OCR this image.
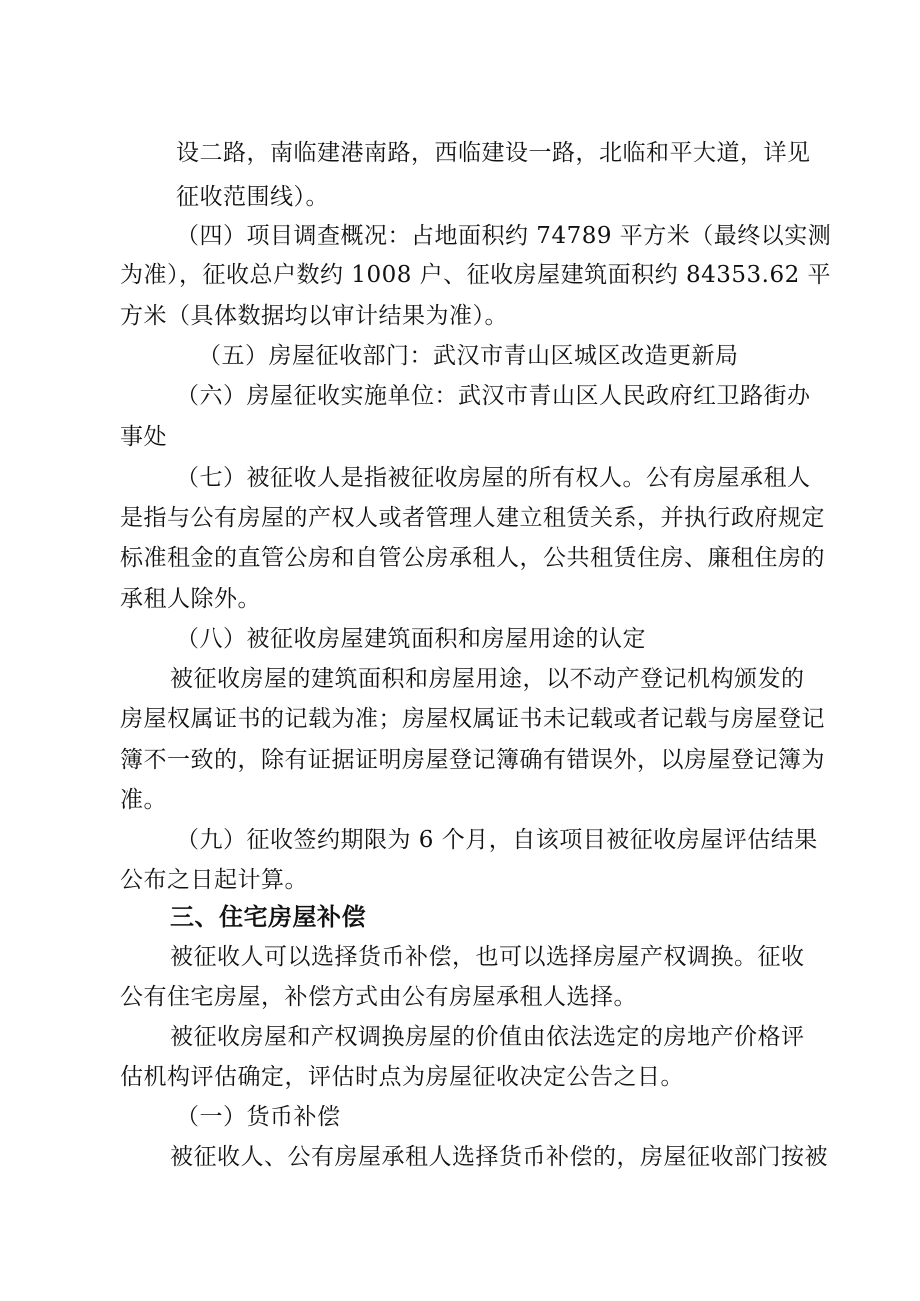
设二路，南临建港南路，西临建设一路，北临和平大道，详见
征收范围线）。
（四）项目调查概况：占地面积约 74789 平方米（最终以实测
为准），征收总户数约 1008 户、征收房屋建筑面积约 84353.62 平
方米（具体数据均以审计结果为准）。
（五）房屋征收部门：武汉市青山区城区改造更新局
（六）房屋征收实施单位：武汉市青山区人民政府红卫路街办
事处
（七）被征收人是指被征收房屋的所有权人。公有房屋承租人
是指与公有房屋的产权人或者管理人建立租赁关系，并执行政府规定
标准租金的直管公房和自管公房承租人，公共租赁住房、廉租住房的
承租人除外。
（八）被征收房屋建筑面积和房屋用途的认定
被征收房屋的建筑面积和房屋用途，以不动产登记机构颁发的
房屋权属证书的记载为准；房屋权属证书未记载或者记载与房屋登记
簿不一致的，除有证据证明房屋登记簿确有错误外，以房屋登记簿为
准。
（九）征收签约期限为 6 个月，自该项目被征收房屋评估结果
公布之日起计算。
三、住宅房屋补偿
被征收人可以选择货币补偿，也可以选择房屋产权调换。征收
公有住宅房屋，补偿方式由公有房屋承租人选择。
被征收房屋和产权调换房屋的价值由依法选定的房地产价格评
估机构评估确定，评估时点为房屋征收决定公告之日。
（一）货币补偿
被征收人、公有房屋承租人选择货币补偿的，房屋征收部门按被
